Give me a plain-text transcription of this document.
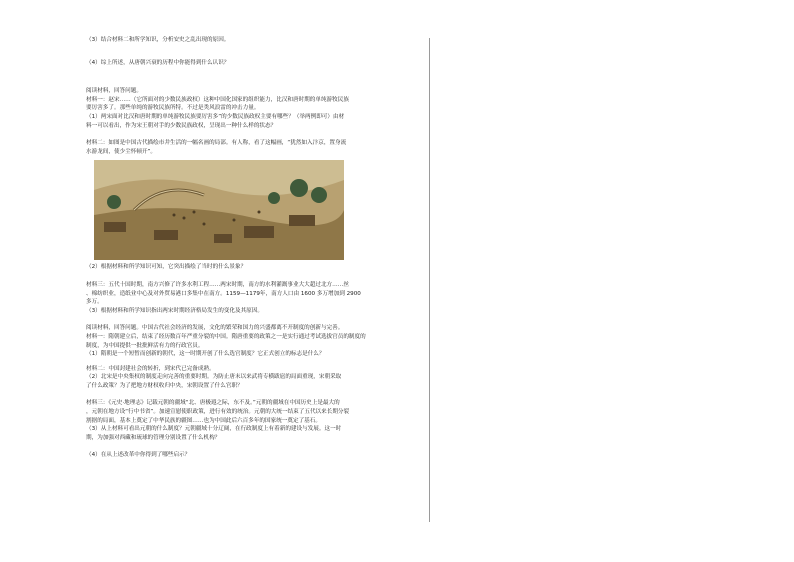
（3）结合材料二和所学知识，分析安史之乱出现的原因。
（4）综上所述，从唐朝兴衰的历程中你能得到什么认识？
阅读材料，回答问题。
材料一：赵宋……（它所面对的少数民族政权）这种中国化国家的组织能力，比汉和唐时期的单纯游牧民族
要厉害多了。那些单纯的游牧民族所特。不过是类风浪雷的冲击力量。
（1）两宋面对比汉和唐时期的单纯游牧民族要厉害多”的少数民族政权主要有哪些？（举两例即可）由材
料一可以看出，作为宋王朝对手的少数民族政权，呈现出一种什么样的状态？
材料二：如图是中国古代描绘市井生活的一幅名画的局部。有人称，看了这幅画，“犹然如入汴京，置身流
水游龙间，使少尘怀顿开”。
（2）根据材料和所学知识可知，它突出描绘了当时的什么景象？
材料三：五代十国时期，南方兴修了许多水利工程……两宋时期，南方的水利灌溉事业大大超过北方……丝
、棉纺织业，造纸业中心及对外贸易港口多集中在南方。1159—1179年，南方人口由 1600 多万增加到 2900
多万。
（3）根据材料和所学知识指出两宋时期经济格局发生的变化及其原因。
阅读材料，回答问题。中国古代社会经济的发展，文化的繁荣和国力的兴盛都离不开制度的创新与完善。
材料一：隋朝建立后，结束了经历数百年严重分裂的中国。隋唐重要的政策之一是实行通过考试选拔官员的制度的
制度，为中国提供一批批鲜活有力的行政官员。
（1）隋朝是一个短暂而创新的朝代，这一时期开创了什么选官制度？它正式创立的标志是什么？
材料二：中国封建社会的转折，到宋代已完备成熟。
（2）北宋是中央集权的制度走向完善的重要时期。为防止唐末以来武将专横跋扈的局面重现，宋朝采取
了什么政策？为了把地方财权收归中央，宋朝设置了什么官职？
材料三：《元史·地理志》记载元朝的疆域“北、唐极遐之际，东不及。”元朝的疆域在中国历史上是最大的
，元朝在地方设“行中书省”。加速宣慰使职政策，进行有效的统治。元朝的大统一结束了五代以来长期分裂
割据的局面，基本上奠定了中华民族的疆图……也为中国此后六百多年的国家统一奠定了基石。
（3）从上材料可看出元朝的什么制度？元朝疆域十分辽阔，在行政制度上有着新的建设与发展。这一时
期，为加强对西藏和琉球的管理分别设置了什么机构？
（4）在从上述改革中你得到了哪些启示？
